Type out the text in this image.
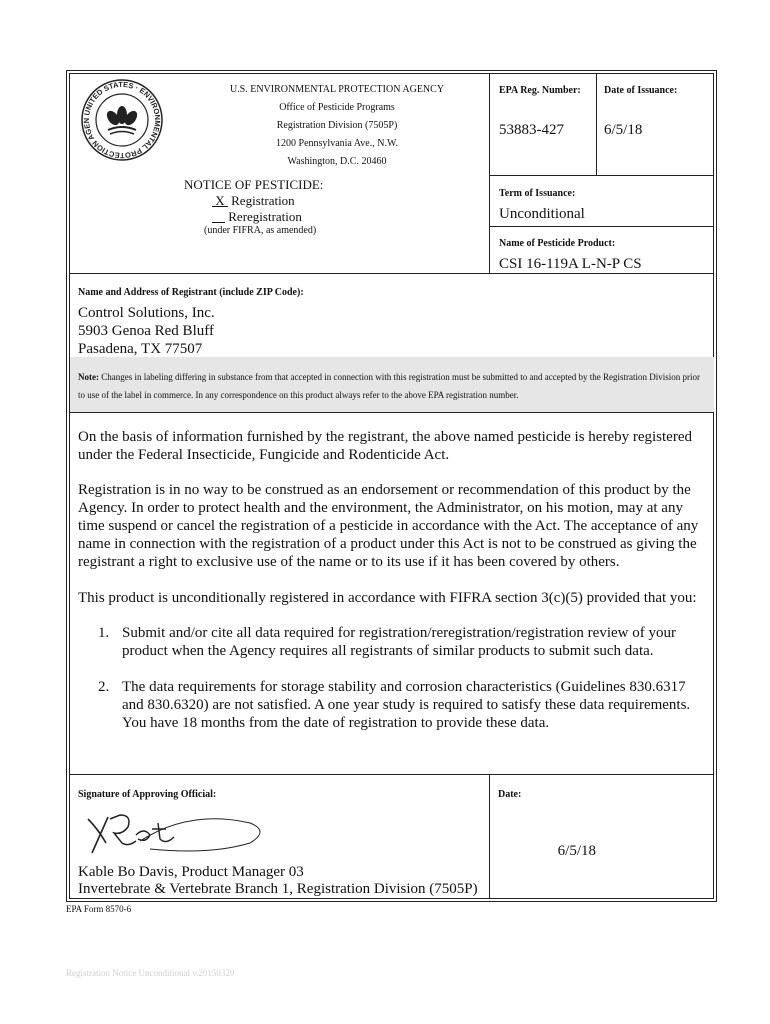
UNITED STATES · ENVIRONMENTAL PROTECTION AGEN
U.S. ENVIRONMENTAL PROTECTION AGENCY
Office of Pesticide Programs
Registration Division (7505P)
1200 Pennsylvania Ave., N.W.
Washington, D.C. 20460
NOTICE OF PESTICIDE:
X  Registration
Reregistration
(under FIFRA, as amended)
EPA Reg. Number: Date of Issuance:
53883-427	6/5/18
Term of Issuance:
Unconditional
Name of Pesticide Product:
CSI 16-119A L-N-P CS
Name and Address of Registrant (include ZIP Code):
Control Solutions, Inc.
5903 Genoa Red Bluff
Pasadena, TX 77507
Note: Changes in labeling differing in substance from that accepted in connection with this registration must be submitted to and accepted by the Registration Division prior to use of the label in commerce. In any correspondence on this product always refer to the above EPA registration number.
On the basis of information furnished by the registrant, the above named pesticide is hereby registered under the Federal Insecticide, Fungicide and Rodenticide Act.
Registration is in no way to be construed as an endorsement or recommendation of this product by the Agency. In order to protect health and the environment, the Administrator, on his motion, may at any time suspend or cancel the registration of a pesticide in accordance with the Act. The acceptance of any name in connection with the registration of a product under this Act is not to be construed as giving the registrant a right to exclusive use of the name or to its use if it has been covered by others.
This product is unconditionally registered in accordance with FIFRA section 3(c)(5) provided that you:
1. Submit and/or cite all data required for registration/reregistration/registration review of your product when the Agency requires all registrants of similar products to submit such data.
2. The data requirements for storage stability and corrosion characteristics (Guidelines 830.6317 and 830.6320) are not satisfied. A one year study is required to satisfy these data requirements. You have 18 months from the date of registration to provide these data.
Signature of Approving Official:	Date:
6/5/18
Kable Bo Davis, Product Manager 03
Invertebrate & Vertebrate Branch 1, Registration Division (7505P)
EPA Form 8570-6
Registration Notice Unconditional v.20150320
